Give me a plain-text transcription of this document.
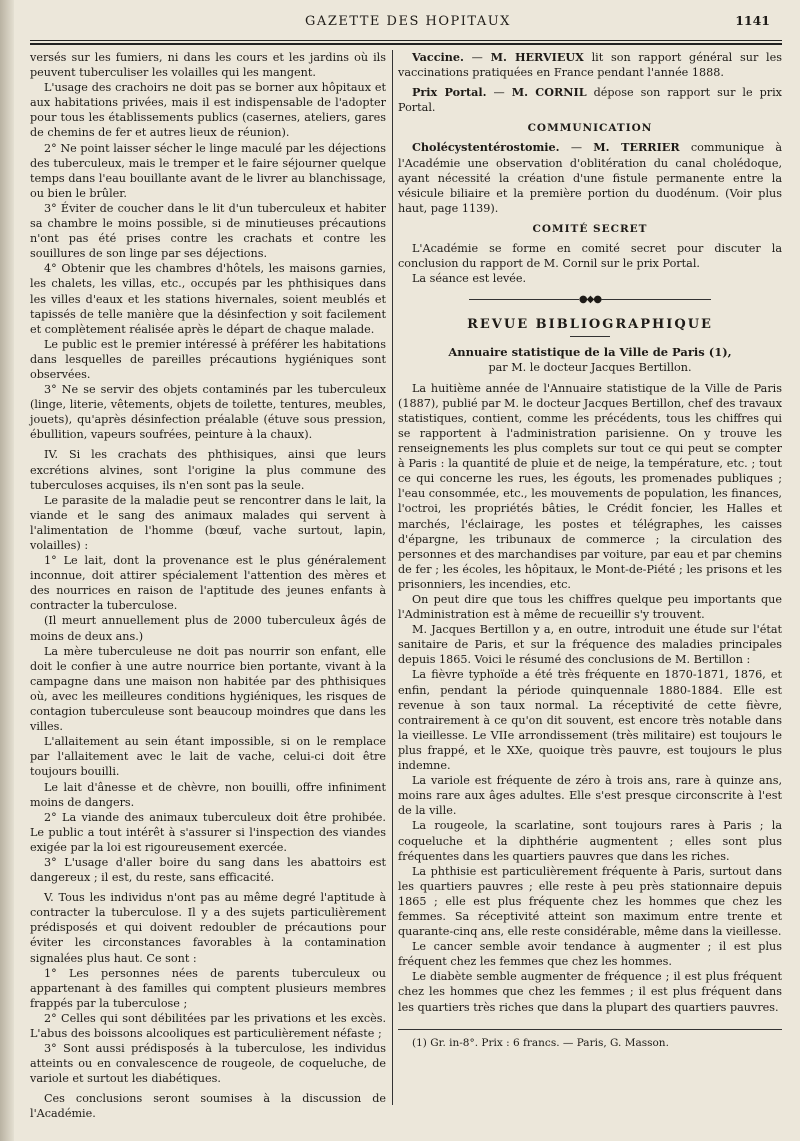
GAZETTE DES HOPITAUX	1141

versés sur les fumiers, ni dans les cours et les jardins où ils peuvent tuberculiser les volailles qui les mangent.

L'usage des crachoirs ne doit pas se borner aux hôpitaux et aux habitations privées, mais il est indispensable de l'adopter pour tous les établissements publics (casernes, ateliers, gares de chemins de fer et autres lieux de réunion).

2° Ne point laisser sécher le linge maculé par les déjections des tuberculeux, mais le tremper et le faire séjourner quelque temps dans l'eau bouillante avant de le livrer au blanchissage, ou bien le brûler.

3° Éviter de coucher dans le lit d'un tuberculeux et habiter sa chambre le moins possible, si de minutieuses précautions n'ont pas été prises contre les crachats et contre les souillures de son linge par ses déjections.

4° Obtenir que les chambres d'hôtels, les maisons garnies, les chalets, les villas, etc., occupés par les phthisiques dans les villes d'eaux et les stations hivernales, soient meublés et tapissés de telle manière que la désinfection y soit facilement et complètement réalisée après le départ de chaque malade.

Le public est le premier intéressé à préférer les habitations dans lesquelles de pareilles précautions hygiéniques sont observées.

3° Ne se servir des objets contaminés par les tuberculeux (linge, literie, vêtements, objets de toilette, tentures, meubles, jouets), qu'après désinfection préalable (étuve sous pression, ébullition, vapeurs soufrées, peinture à la chaux).

IV. Si les crachats des phthisiques, ainsi que leurs excrétions alvines, sont l'origine la plus commune des tuberculoses acquises, ils n'en sont pas la seule.

Le parasite de la maladie peut se rencontrer dans le lait, la viande et le sang des animaux malades qui servent à l'alimentation de l'homme (bœuf, vache surtout, lapin, volailles) :

1° Le lait, dont la provenance est le plus généralement inconnue, doit attirer spécialement l'attention des mères et des nourrices en raison de l'aptitude des jeunes enfants à contracter la tuberculose.

(Il meurt annuellement plus de 2000 tuberculeux âgés de moins de deux ans.)

La mère tuberculeuse ne doit pas nourrir son enfant, elle doit le confier à une autre nourrice bien portante, vivant à la campagne dans une maison non habitée par des phthisiques où, avec les meilleures conditions hygiéniques, les risques de contagion tuberculeuse sont beaucoup moindres que dans les villes.

L'allaitement au sein étant impossible, si on le remplace par l'allaitement avec le lait de vache, celui-ci doit être toujours bouilli.

Le lait d'ânesse et de chèvre, non bouilli, offre infiniment moins de dangers.

2° La viande des animaux tuberculeux doit être prohibée. Le public a tout intérêt à s'assurer si l'inspection des viandes exigée par la loi est rigoureusement exercée.

3° L'usage d'aller boire du sang dans les abattoirs est dangereux ; il est, du reste, sans efficacité.

V. Tous les individus n'ont pas au même degré l'aptitude à contracter la tuberculose. Il y a des sujets particulièrement prédisposés et qui doivent redoubler de précautions pour éviter les circonstances favorables à la contamination signalées plus haut. Ce sont :

1° Les personnes nées de parents tuberculeux ou appartenant à des familles qui comptent plusieurs membres frappés par la tuberculose ;

2° Celles qui sont débilitées par les privations et les excès. L'abus des boissons alcooliques est particulièrement néfaste ;

3° Sont aussi prédisposés à la tuberculose, les individus atteints ou en convalescence de rougeole, de coqueluche, de variole et surtout les diabétiques.

Ces conclusions seront soumises à la discussion de l'Académie.

Vaccine. — M. HERVIEUX lit son rapport général sur les vaccinations pratiquées en France pendant l'année 1888.

Prix Portal. — M. CORNIL dépose son rapport sur le prix Portal.

COMMUNICATION

Cholécystentérostomie. — M. TERRIER communique à l'Académie une observation d'oblitération du canal cholédoque, ayant nécessité la création d'une fistule permanente entre la vésicule biliaire et la première portion du duodénum. (Voir plus haut, page 1139).

COMITÉ SECRET

L'Académie se forme en comité secret pour discuter la conclusion du rapport de M. Cornil sur le prix Portal.

La séance est levée.

●◆●
REVUE BIBLIOGRAPHIQUE
Annuaire statistique de la Ville de Paris (1),
par M. le docteur Jacques Bertillon.

La huitième année de l'Annuaire statistique de la Ville de Paris (1887), publié par M. le docteur Jacques Bertillon, chef des travaux statistiques, contient, comme les précédents, tous les chiffres qui se rapportent à l'administration parisienne. On y trouve les renseignements les plus complets sur tout ce qui peut se compter à Paris : la quantité de pluie et de neige, la température, etc. ; tout ce qui concerne les rues, les égouts, les promenades publiques ; l'eau consommée, etc., les mouvements de population, les finances, l'octroi, les propriétés bâties, le Crédit foncier, les Halles et marchés, l'éclairage, les postes et télégraphes, les caisses d'épargne, les tribunaux de commerce ; la circulation des personnes et des marchandises par voiture, par eau et par chemins de fer ; les écoles, les hôpitaux, le Mont-de-Piété ; les prisons et les prisonniers, les incendies, etc.

On peut dire que tous les chiffres quelque peu importants que l'Administration est à même de recueillir s'y trouvent.

M. Jacques Bertillon y a, en outre, introduit une étude sur l'état sanitaire de Paris, et sur la fréquence des maladies principales depuis 1865. Voici le résumé des conclusions de M. Bertillon :

La fièvre typhoïde a été très fréquente en 1870-1871, 1876, et enfin, pendant la période quinquennale 1880-1884. Elle est revenue à son taux normal. La réceptivité de cette fièvre, contrairement à ce qu'on dit souvent, est encore très notable dans la vieillesse. Le VIIe arrondissement (très militaire) est toujours le plus frappé, et le XXe, quoique très pauvre, est toujours le plus indemne.

La variole est fréquente de zéro à trois ans, rare à quinze ans, moins rare aux âges adultes. Elle s'est presque circonscrite à l'est de la ville.

La rougeole, la scarlatine, sont toujours rares à Paris ; la coqueluche et la diphthérie augmentent ; elles sont plus fréquentes dans les quartiers pauvres que dans les riches.

La phthisie est particulièrement fréquente à Paris, surtout dans les quartiers pauvres ; elle reste à peu près stationnaire depuis 1865 ; elle est plus fréquente chez les hommes que chez les femmes. Sa réceptivité atteint son maximum entre trente et quarante-cinq ans, elle reste considérable, même dans la vieillesse.

Le cancer semble avoir tendance à augmenter ; il est plus fréquent chez les femmes que chez les hommes.

Le diabète semble augmenter de fréquence ; il est plus fréquent chez les hommes que chez les femmes ; il est plus fréquent dans les quartiers très riches que dans la plupart des quartiers pauvres.

(1) Gr. in-8°. Prix : 6 francs. — Paris, G. Masson.
